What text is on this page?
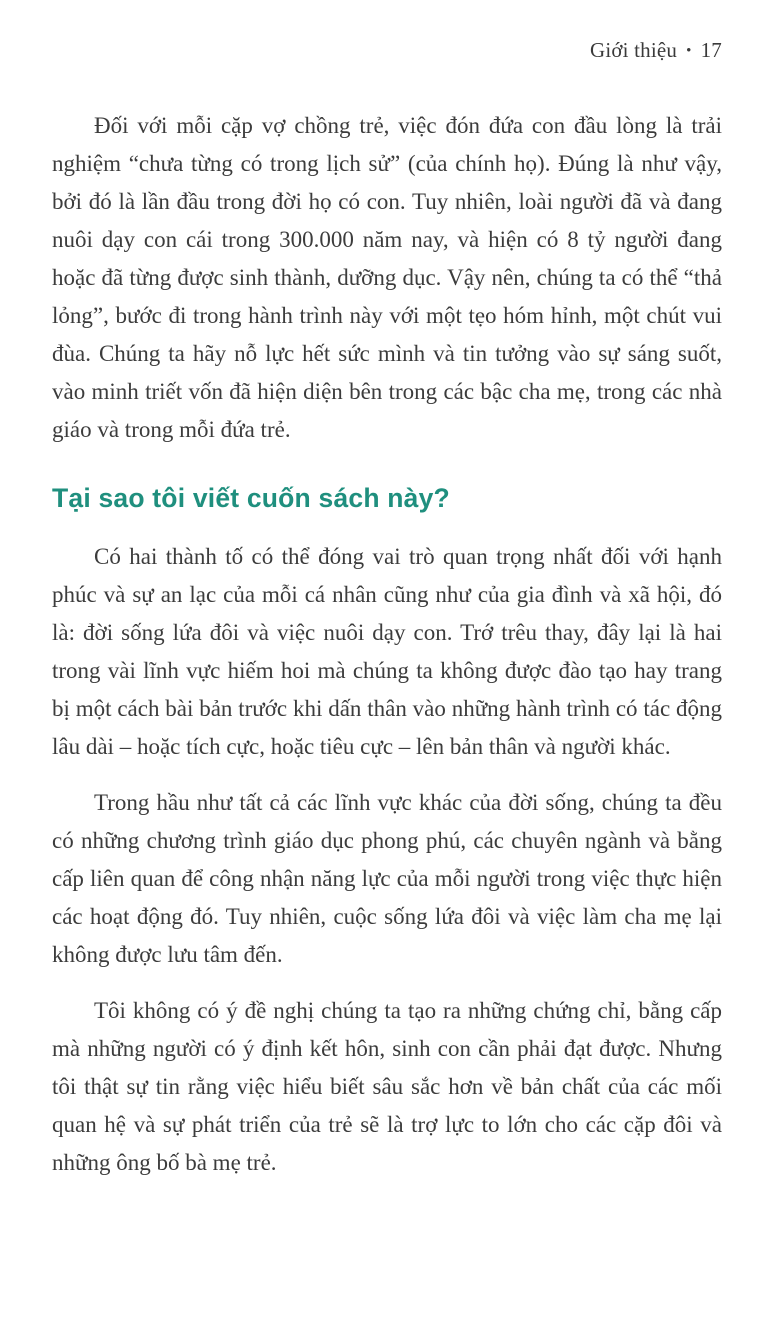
Giới thiệu • 17

Đối với mỗi cặp vợ chồng trẻ, việc đón đứa con đầu lòng là trải nghiệm “chưa từng có trong lịch sử” (của chính họ). Đúng là như vậy, bởi đó là lần đầu trong đời họ có con. Tuy nhiên, loài người đã và đang nuôi dạy con cái trong 300.000 năm nay, và hiện có 8 tỷ người đang hoặc đã từng được sinh thành, dưỡng dục. Vậy nên, chúng ta có thể “thả lỏng”, bước đi trong hành trình này với một tẹo hóm hỉnh, một chút vui đùa. Chúng ta hãy nỗ lực hết sức mình và tin tưởng vào sự sáng suốt, vào minh triết vốn đã hiện diện bên trong các bậc cha mẹ, trong các nhà giáo và trong mỗi đứa trẻ.

Tại sao tôi viết cuốn sách này?

Có hai thành tố có thể đóng vai trò quan trọng nhất đối với hạnh phúc và sự an lạc của mỗi cá nhân cũng như của gia đình và xã hội, đó là: đời sống lứa đôi và việc nuôi dạy con. Trớ trêu thay, đây lại là hai trong vài lĩnh vực hiếm hoi mà chúng ta không được đào tạo hay trang bị một cách bài bản trước khi dấn thân vào những hành trình có tác động lâu dài – hoặc tích cực, hoặc tiêu cực – lên bản thân và người khác.

Trong hầu như tất cả các lĩnh vực khác của đời sống, chúng ta đều có những chương trình giáo dục phong phú, các chuyên ngành và bằng cấp liên quan để công nhận năng lực của mỗi người trong việc thực hiện các hoạt động đó. Tuy nhiên, cuộc sống lứa đôi và việc làm cha mẹ lại không được lưu tâm đến.

Tôi không có ý đề nghị chúng ta tạo ra những chứng chỉ, bằng cấp mà những người có ý định kết hôn, sinh con cần phải đạt được. Nhưng tôi thật sự tin rằng việc hiểu biết sâu sắc hơn về bản chất của các mối quan hệ và sự phát triển của trẻ sẽ là trợ lực to lớn cho các cặp đôi và những ông bố bà mẹ trẻ.
